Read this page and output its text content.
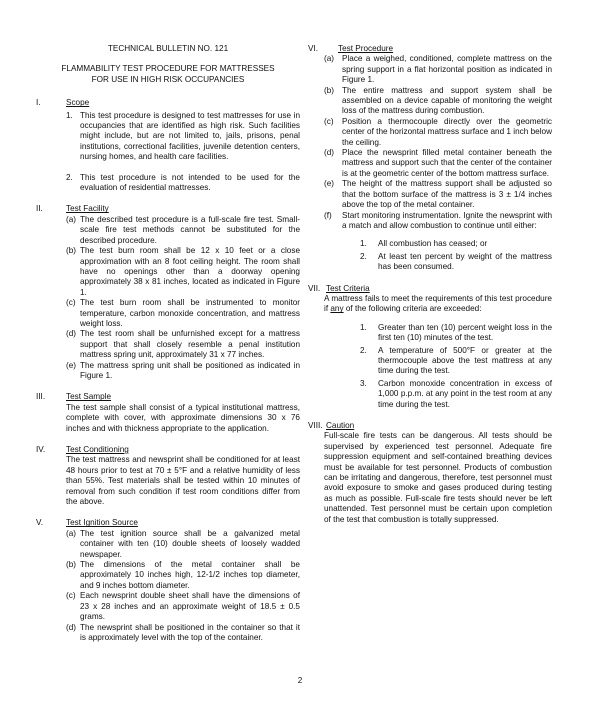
TECHNICAL BULLETIN NO. 121
FLAMMABILITY TEST PROCEDURE FOR MATTRESSES
FOR USE IN HIGH RISK OCCUPANCIES
I.	Scope
1. This test procedure is designed to test mattresses for use in occupancies that are identified as high risk. Such facilities might include, but are not limited to, jails, prisons, penal institutions, correctional facilities, juvenile detention centers, nursing homes, and health care facilities.
2. This test procedure is not intended to be used for the evaluation of residential mattresses.
II.	Test Facility
(a) The described test procedure is a full-scale fire test. Small-scale fire test methods cannot be substituted for the described procedure.
(b) The test burn room shall be 12 x 10 feet or a close approximation with an 8 foot ceiling height. The room shall have no openings other than a doorway opening approximately 38 x 81 inches, located as indicated in Figure 1.
(c) The test burn room shall be instrumented to monitor temperature, carbon monoxide concentration, and mattress weight loss.
(d) The test room shall be unfurnished except for a mattress support that shall closely resemble a penal institution mattress spring unit, approximately 31 x 77 inches.
(e) The mattress spring unit shall be positioned as indicated in Figure 1.
III.	Test Sample
The test sample shall consist of a typical institutional mattress, complete with cover, with approximate dimensions 30 x 76 inches and with thickness appropriate to the application.
IV.	Test Conditioning
The test mattress and newsprint shall be conditioned for at least 48 hours prior to test at 70 ± 5°F and a relative humidity of less than 55%. Test materials shall be tested within 10 minutes of removal from such condition if test room conditions differ from the above.
V.	Test Ignition Source
(a) The test ignition source shall be a galvanized metal container with ten (10) double sheets of loosely wadded newspaper.
(b) The dimensions of the metal container shall be approximately 10 inches high, 12-1/2 inches top diameter, and 9 inches bottom diameter.
(c) Each newsprint double sheet shall have the dimensions of 23 x 28 inches and an approximate weight of 18.5 ± 0.5 grams.
(d) The newsprint shall be positioned in the container so that it is approximately level with the top of the container.
VI.	Test Procedure
(a) Place a weighed, conditioned, complete mattress on the spring support in a flat horizontal position as indicated in Figure 1.
(b) The entire mattress and support system shall be assembled on a device capable of monitoring the weight loss of the mattress during combustion.
(c)	Position a thermocouple directly over the geometric center of the horizontal mattress surface and 1 inch below the ceiling.
(d) Place the newsprint filled metal container beneath the mattress and support such that the center of the container is at the geometric center of the bottom mattress surface.
(e) The height of the mattress support shall be adjusted so that the bottom surface of the mattress is 3 ± 1/4 inches above the top of the metal container.
(f)	Start monitoring instrumentation. Ignite the newsprint with a match and allow combustion to continue until either:
1.	All combustion has ceased; or
2.	At least ten percent by weight of the mattress has been consumed.
VII. Test Criteria
A mattress fails to meet the requirements of this test procedure if any of the following criteria are exceeded:
1.	Greater than ten (10) percent weight loss in the first ten (10) minutes of the test.
2.	A temperature of 500°F or greater at the thermocouple above the test mattress at any time during the test.
3.	Carbon monoxide concentration in excess of 1,000 p.p.m. at any point in the test room at any time during the test.
VIII. Caution
Full-scale fire tests can be dangerous. All tests should be supervised by experienced test personnel. Adequate fire suppression equipment and self-contained breathing devices must be available for test personnel. Products of combustion can be irritating and dangerous, therefore, test personnel must avoid exposure to smoke and gases produced during testing as much as possible. Full-scale fire tests should never be left unattended. Test personnel must be certain upon completion of the test that combustion is totally suppressed.
2
